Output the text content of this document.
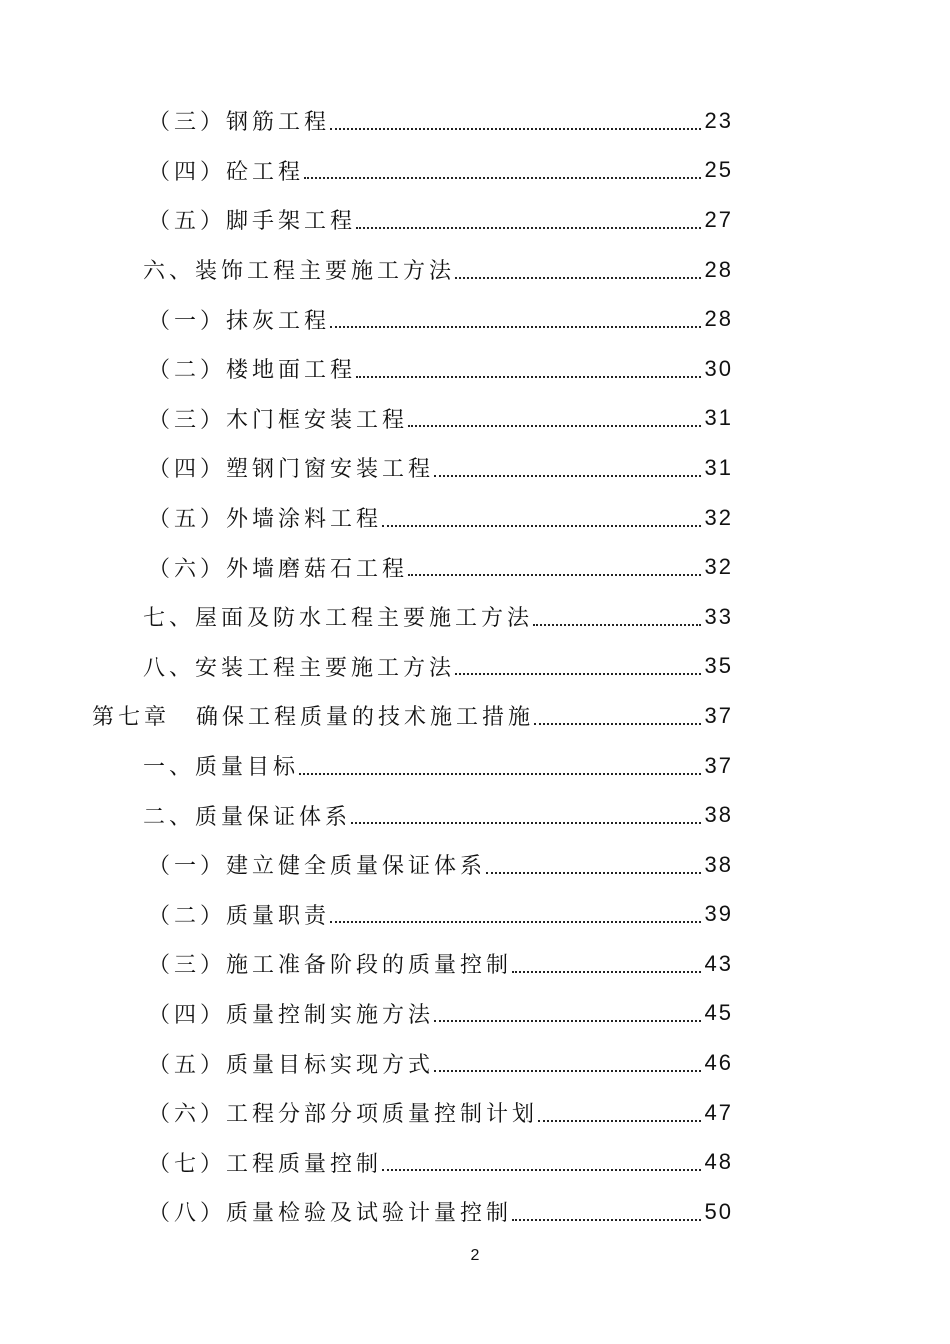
（三）钢筋工程	23
（四）砼工程	25
（五）脚手架工程	27
六、装饰工程主要施工方法	28
（一）抹灰工程	28
（二）楼地面工程	30
（三）木门框安装工程	31
（四）塑钢门窗安装工程	31
（五）外墙涂料工程	32
（六）外墙磨菇石工程	32
七、屋面及防水工程主要施工方法	33
八、安装工程主要施工方法	35
第七章　确保工程质量的技术施工措施	37
一、质量目标	37
二、质量保证体系	38
（一）建立健全质量保证体系	38
（二）质量职责	39
（三）施工准备阶段的质量控制	43
（四）质量控制实施方法	45
（五）质量目标实现方式	46
（六）工程分部分项质量控制计划	47
（七）工程质量控制	48
（八）质量检验及试验计量控制	50
2
